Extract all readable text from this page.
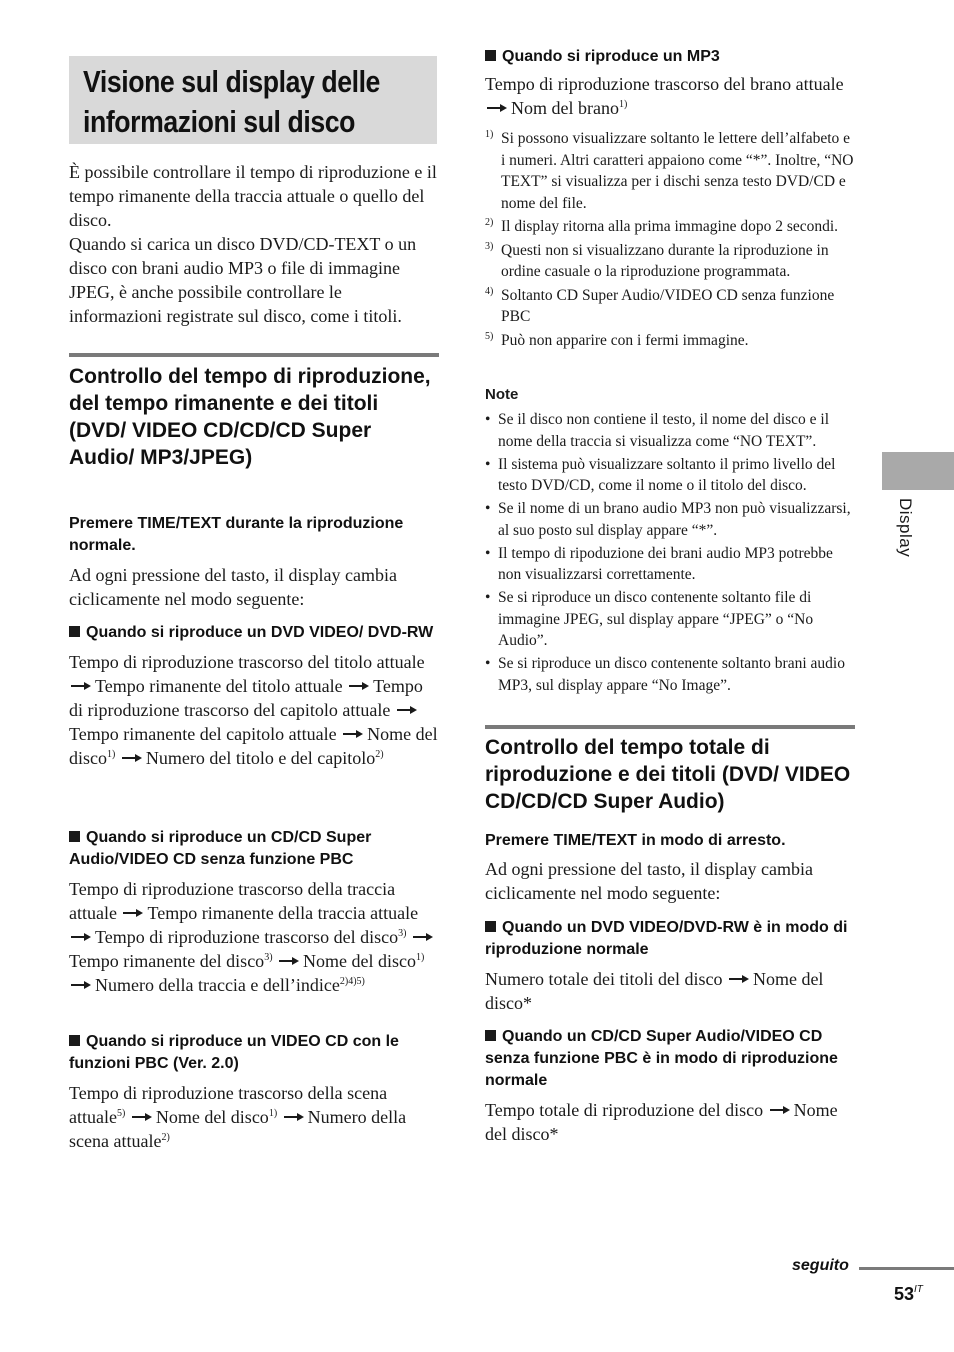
Visione sul display delle
informazioni sul disco

È possibile controllare il tempo di riproduzione e il tempo rimanente della traccia attuale o quello del disco.

Quando si carica un disco DVD/CD-TEXT o un disco con brani audio MP3 o file di immagine JPEG, è anche possibile controllare le informazioni registrate sul disco, come i titoli.

Controllo del tempo di riproduzione, del tempo rimanente e dei titoli (DVD/ VIDEO CD/CD/CD Super Audio/ MP3/JPEG)

Premere TIME/TEXT durante la riproduzione normale.

Ad ogni pressione del tasto, il display cambia ciclicamente nel modo seguente:

Quando si riproduce un DVD VIDEO/ DVD-RW

Tempo di riproduzione trascorso del titolo attuale Tempo rimanente del titolo attuale Tempo di riproduzione trascorso del capitolo attuale Tempo rimanente del capitolo attuale Nome del disco$^{1)}$ Numero del titolo e del capitolo$^{2)}$

Quando si riproduce un CD/CD Super Audio/VIDEO CD senza funzione PBC

Tempo di riproduzione trascorso della traccia attuale Tempo rimanente della traccia attuale Tempo di riproduzione trascorso del disco$^{3)}$ Tempo rimanente del disco$^{3)}$ Nome del disco$^{1)}$ Numero della traccia e dell’indice$^{2)4)5)}$

Quando si riproduce un VIDEO CD con le funzioni PBC (Ver. 2.0)

Tempo di riproduzione trascorso della scena attuale$^{5)}$ Nome del disco$^{1)}$ Numero della scena attuale$^{2)}$

Quando si riproduce un MP3

Tempo di riproduzione trascorso del brano attuale Nom del brano$^{1)}$

1) Si possono visualizzare soltanto le lettere dell’alfabeto e i numeri. Altri caratteri appaiono come “*”. Inoltre, “NO TEXT” si visualizza per i dischi senza testo DVD/CD e nome del file.

2) Il display ritorna alla prima immagine dopo 2 secondi.

3) Questi non si visualizzano durante la riproduzione in ordine casuale o la riproduzione programmata.

4) Soltanto CD Super Audio/VIDEO CD senza funzione PBC

5) Può non apparire con i fermi immagine.

Note

• Se il disco non contiene il testo, il nome del disco e il nome della traccia si visualizza come “NO TEXT”.
• Il sistema può visualizzare soltanto il primo livello del testo DVD/CD, come il nome o il titolo del disco.
• Se il nome di un brano audio MP3 non può visualizzarsi, al suo posto sul display appare “*”.
• Il tempo di ripoduzione dei brani audio MP3 potrebbe non visualizzarsi correttamente.
• Se si riproduce un disco contenente soltanto file di immagine JPEG, sul display appare “JPEG” o “No Audio”.
• Se si riproduce un disco contenente soltanto brani audio MP3, sul display appare “No Image”.
Controllo del tempo totale di riproduzione e dei titoli (DVD/ VIDEO CD/CD/CD Super Audio)

Premere TIME/TEXT in modo di arresto.

Ad ogni pressione del tasto, il display cambia ciclicamente nel modo seguente:

Quando un DVD VIDEO/DVD-RW è in modo di riproduzione normale

Numero totale dei titoli del disco Nome del disco*

Quando un CD/CD Super Audio/VIDEO CD senza funzione PBC è in modo di riproduzione normale

Tempo totale di riproduzione del disco Nome del disco*

Display
seguito
$53^{IT}$
